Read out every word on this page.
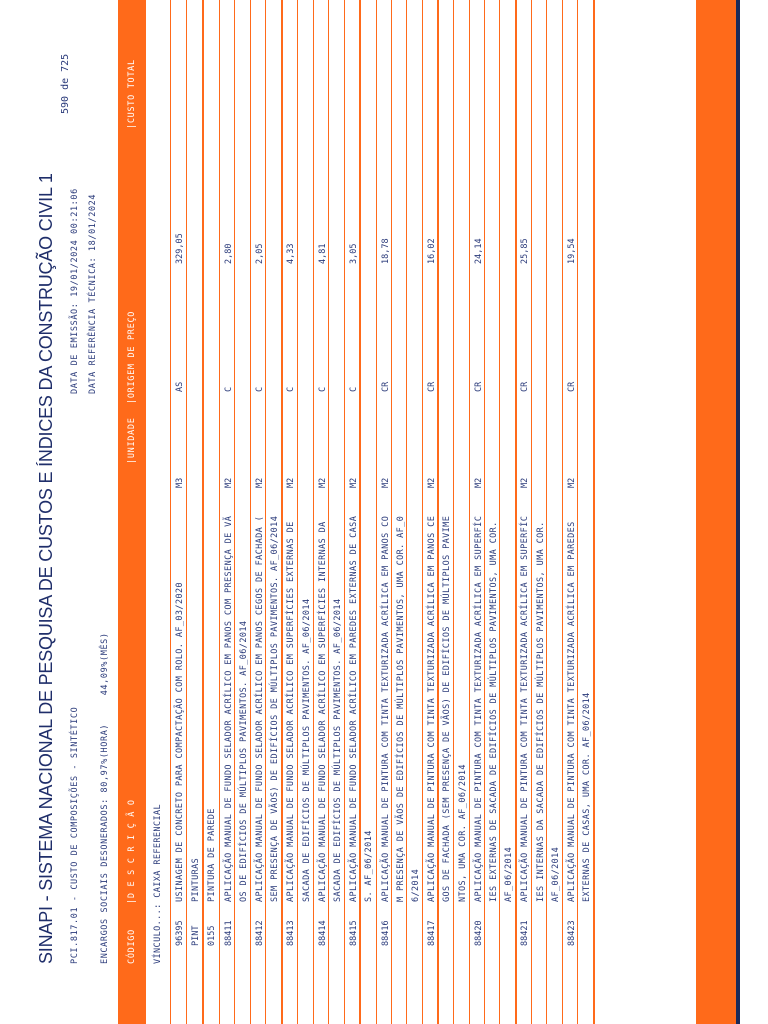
SINAPI - SISTEMA NACIONAL DE PESQUISA DE CUSTOS E ÍNDICES DA CONSTRUÇÃO CIVIL 1
590 de 725
PCI.817.01 - CUSTO DE COMPOSIÇÕES - SINTÉTICO ENCARGOS SOCIAIS DESONERADOS: 80,97%(HORA)     44,09%(MÊS)
DATA DE EMISSÃO: 19/01/2024 00:21:06 DATA REFERÊNCIA TÉCNICA: 18/01/2024
CÓDIGO
|D E S C R I Ç Ã O
|UNIDADE
|ORIGEM DE PREÇO
|CUSTO TOTAL
VÍNCULO...: CAIXA REFERENCIAL 96395
USINAGEM DE CONCRETO PARA COMPACTAÇÃO COM ROLO. AF_03/2020
M3
AS
329,05
PINT
PINTURAS
0155
PINTURA DE PAREDE
88411
APLICAÇÃO MANUAL DE FUNDO SELADOR ACRÍLICO EM PANOS COM PRESENÇA DE VÃ OS DE EDIFÍCIOS DE MÚLTIPLOS PAVIMENTOS. AF_06/2014
M2
C
2,80
88412
APLICAÇÃO MANUAL DE FUNDO SELADOR ACRÍLICO EM PANOS CEGOS DE FACHADA ( SEM PRESENÇA DE VÃOS) DE EDIFÍCIOS DE MÚLTIPLOS PAVIMENTOS. AF_06/2014
M2
C
2,05
88413
APLICAÇÃO MANUAL DE FUNDO SELADOR ACRÍLICO EM SUPERFÍCIES EXTERNAS DE SACADA DE EDIFÍCIOS DE MÚLTIPLOS PAVIMENTOS. AF_06/2014
M2
C
4,33
88414
APLICAÇÃO MANUAL DE FUNDO SELADOR ACRÍLICO EM SUPERFÍCIES INTERNAS DA SACADA DE EDIFÍCIOS DE MÚLTIPLOS PAVIMENTOS. AF_06/2014
M2
C
4,81
88415
APLICAÇÃO MANUAL DE FUNDO SELADOR ACRÍLICO EM PAREDES EXTERNAS DE CASA S. AF_06/2014
M2
C
3,05
88416
APLICAÇÃO MANUAL DE PINTURA COM TINTA TEXTURIZADA ACRÍLICA EM PANOS CO M PRESENÇA DE VÃOS DE EDIFÍCIOS DE MÚLTIPLOS PAVIMENTOS, UMA COR. AF_0 6/2014
M2
CR
18,78
88417
APLICAÇÃO MANUAL DE PINTURA COM TINTA TEXTURIZADA ACRÍLICA EM PANOS CE GOS DE FACHADA (SEM PRESENÇA DE VÃOS) DE EDIFÍCIOS DE MÚLTIPLOS PAVIME NTOS, UMA COR. AF_06/2014
M2
CR
16,02
88420
APLICAÇÃO MANUAL DE PINTURA COM TINTA TEXTURIZADA ACRÍLICA EM SUPERFÍC IES EXTERNAS DE SACADA DE EDIFÍCIOS DE MÚLTIPLOS PAVIMENTOS, UMA COR. AF_06/2014
M2
CR
24,14
88421
APLICAÇÃO MANUAL DE PINTURA COM TINTA TEXTURIZADA ACRÍLICA EM SUPERFÍC IES INTERNAS DA SACADA DE EDIFÍCIOS DE MÚLTIPLOS PAVIMENTOS, UMA COR. AF_06/2014
M2
CR
25,85
88423
APLICAÇÃO MANUAL DE PINTURA COM TINTA TEXTURIZADA ACRÍLICA EM PAREDES EXTERNAS DE CASAS, UMA COR. AF_06/2014
M2
CR
19,54
